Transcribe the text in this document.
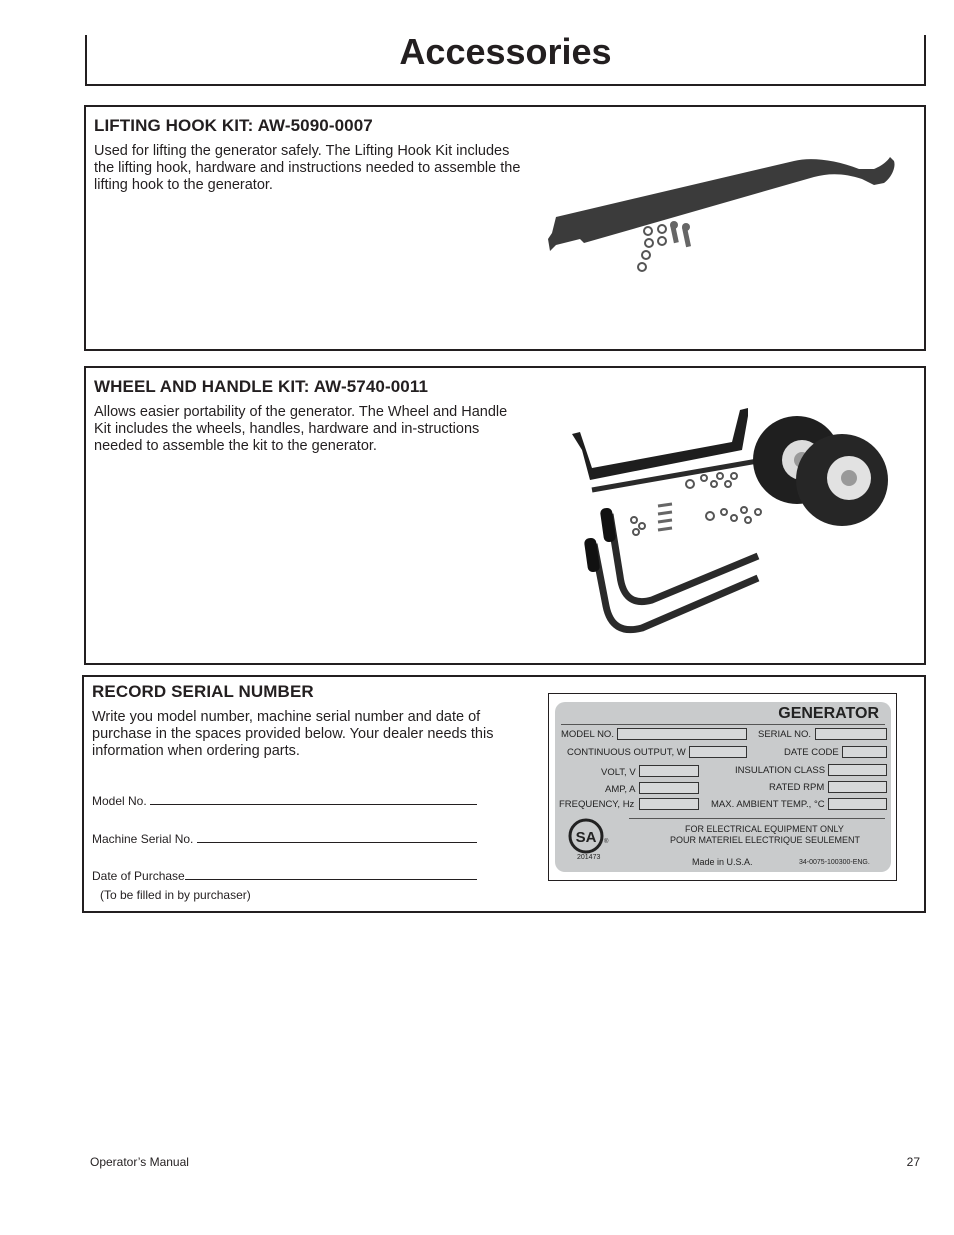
Accessories
LIFTING HOOK KIT: AW-5090-0007
Used for lifting the generator safely. The Lifting Hook Kit includes the lifting hook, hardware and instructions needed to assemble the lifting hook to the generator.
WHEEL AND HANDLE KIT: AW-5740-0011
Allows easier portability of the generator. The Wheel and Handle Kit includes the wheels, handles, hardware and in-structions needed to assemble the kit to the generator.
RECORD SERIAL NUMBER
Write you model number, machine serial number and date of purchase in the spaces provided below. Your dealer needs this information when ordering parts.
Model No.
Machine Serial No.
Date of Purchase
(To be filled in by purchaser)
GENERATOR
MODEL NO.	SERIAL NO.
CONTINUOUS OUTPUT, W	DATE CODE
VOLT, V	INSULATION CLASS
AMP, A	RATED RPM
FREQUENCY, Hz	MAX. AMBIENT TEMP., °C
SA ®
201473
FOR ELECTRICAL EQUIPMENT ONLY
POUR MATERIEL ELECTRIQUE SEULEMENT
Made in U.S.A.	34-0075-100300-ENG.
Operator’s Manual	27
